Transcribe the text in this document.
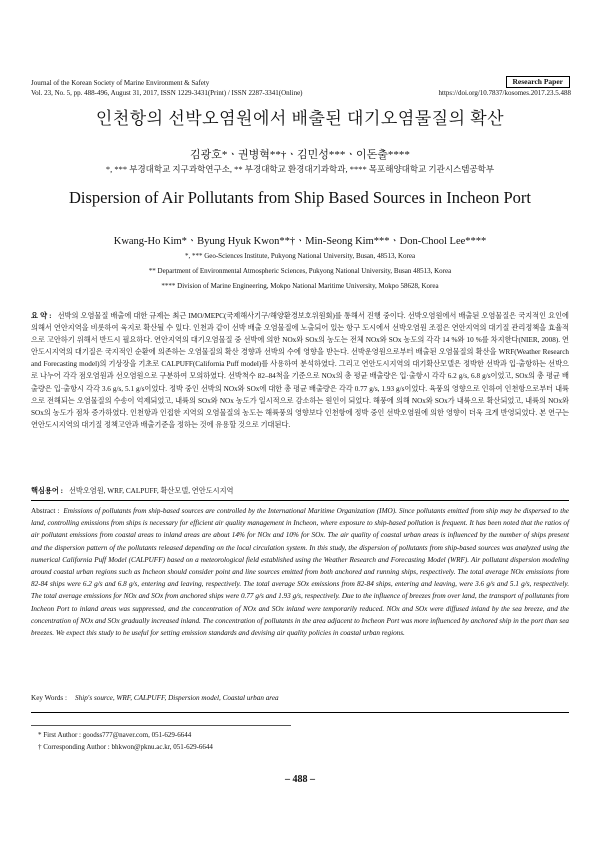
Journal of the Korean Society of Marine Environment & Safety
Vol. 23, No. 5, pp. 488-496, August 31, 2017, ISSN 1229-3431(Print) / ISSN 2287-3341(Online)	https://doi.org/10.7837/kosomes.2017.23.5.488
Research Paper
인천항의 선박오염원에서 배출된 대기오염물질의 확산
김광호*ㆍ권병혁**†ㆍ김민성***ㆍ이돈출****
*, *** 부경대학교 지구과학연구소, ** 부경대학교 환경대기과학과, **** 목포해양대학교 기관시스템공학부
Dispersion of Air Pollutants from Ship Based Sources in Incheon Port
Kwang-Ho Kim*ㆍByung Hyuk Kwon**†ㆍMin-Seong Kim***ㆍDon-Chool Lee****
*, *** Geo-Sciences Institute, Pukyong National University, Busan, 48513, Korea
** Department of Environmental Atmospheric Sciences, Pukyong National University, Busan 48513, Korea
**** Division of Marine Engineering, Mokpo National Maritime University, Mokpo 58628, Korea
요 약 : 선박의 오염물질 배출에 대한 규제는 최근 IMO/MEPC(국제해사기구/해양환경보호위원회)를 통해서 진행 중이다. 선박오염원에서 배출된 오염물질은 국지적인 요인에 의해서 연안지역을 비롯하여 육지로 확산될 수 있다. 인천과 같이 선박 배출 오염물질에 노출되어 있는 항구 도시에서 선박오염원 조절은 연안지역의 대기질 관리정책을 효율적으로 고안하기 위해서 반드시 필요하다. 연안지역의 대기오염물질 중 선박에 의한 NOx와 SOx의 농도는 전체 NOx와 SOx 농도의 각각 14 %와 10 %를 차지한다(NIER, 2008). 연안도시지역의 대기질은 국지적인 순환에 의존하는 오염물질의 확산 경향과 선박의 수에 영향을 받는다. 선박운영원으로부터 배출된 오염물질의 확산을 WRF(Weather Research and Forecasting model)의 기상장을 기초로 CALPUFF(California Puff model)를 사용하여 분석하였다. 그리고 연안도시지역의 대기확산모델은 정박한 선박과 입·출항하는 선박으로 나누어 각각 점오염원과 선오염원으로 구분하여 모의하였다. 선박척수 82–84척을 기준으로 NOx의 총 평균 배출량은 입·출항시 각각 6.2 g/s, 6.8 g/s이었고, SOx의 총 평균 배출량은 입·출항시 각각 3.6 g/s, 5.1 g/s이었다. 정박 중인 선박의 NOx와 SOx에 대한 총 평균 배출량은 각각 0.77 g/s, 1.93 g/s이었다. 육풍의 영향으로 인하여 인천항으로부터 내륙으로 전해되는 오염물질의 수송이 억제되었고, 내륙의 SOx와 NOx 농도가 일시적으로 감소하는 원인이 되었다. 해풍에 의해 NOx와 SOx가 내륙으로 확산되었고, 내륙의 NOx와 SOx의 농도가 점차 증가하였다. 인천항과 인접한 지역의 오염물질의 농도는 해륙풍의 영향보다 인천항에 정박 중인 선박오염원에 의한 영향이 더욱 크게 반영되었다. 본 연구는 연안도시지역의 대기질 정책고안과 배출기준을 정하는 것에 유용할 것으로 기대된다.
핵심용어 : 선박오염원, WRF, CALPUFF, 확산모델, 연안도시지역
Abstract : Emissions of pollutants from ship-based sources are controlled by the International Maritime Organization (IMO). Since pollutants emitted from ship may be dispersed to the land, controlling emissions from ships is necessary for efficient air quality management in Incheon, where exposure to ship-based pollution is frequent. It has been noted that the ratios of air pollutant emissions from coastal areas to inland areas are about 14% for NOx and 10% for SOx. The air quality of coastal urban areas is influenced by the number of ships present and the dispersion pattern of the pollutants released depending on the local circulation system. In this study, the dispersion of pollutants from ship-based sources was analyzed using the numerical California Puff Model (CALPUFF) based on a meteorological field established using the Weather Research and Forecasting Model (WRF). Air pollutant dispersion modeling around coastal urban regions such as Incheon should consider point and line sources emitted from both anchored and running ships, respectively. The total average NOx emissions from 82-84 ships were 6.2 g/s and 6.8 g/s, entering and leaving, respectively. The total average SOx emissions from 82-84 ships, entering and leaving, were 3.6 g/s and 5.1 g/s, respectively. The total average emissions for NOx and SOx from anchored ships were 0.77 g/s and 1.93 g/s, respectively. Due to the influence of breezes from over land, the transport of pollutants from Incheon Port to inland areas was suppressed, and the concentration of NOx and SOx inland were temporarily reduced. NOx and SOx were diffused inland by the sea breeze, and the concentration of NOx and SOx gradually increased inland. The concentration of pollutants in the area adjacent to Incheon Port was more influenced by anchored ship in the port than sea breezes. We expect this study to be useful for setting emission standards and devising air quality policies in coastal urban regions.
Key Words : Ship's source, WRF, CALPUFF, Dispersion model, Coastal urban area
* First Author : goodss777@naver.com, 051-629-6644
† Corresponding Author : bhkwon@pknu.ac.kr, 051-629-6644
– 488 –
